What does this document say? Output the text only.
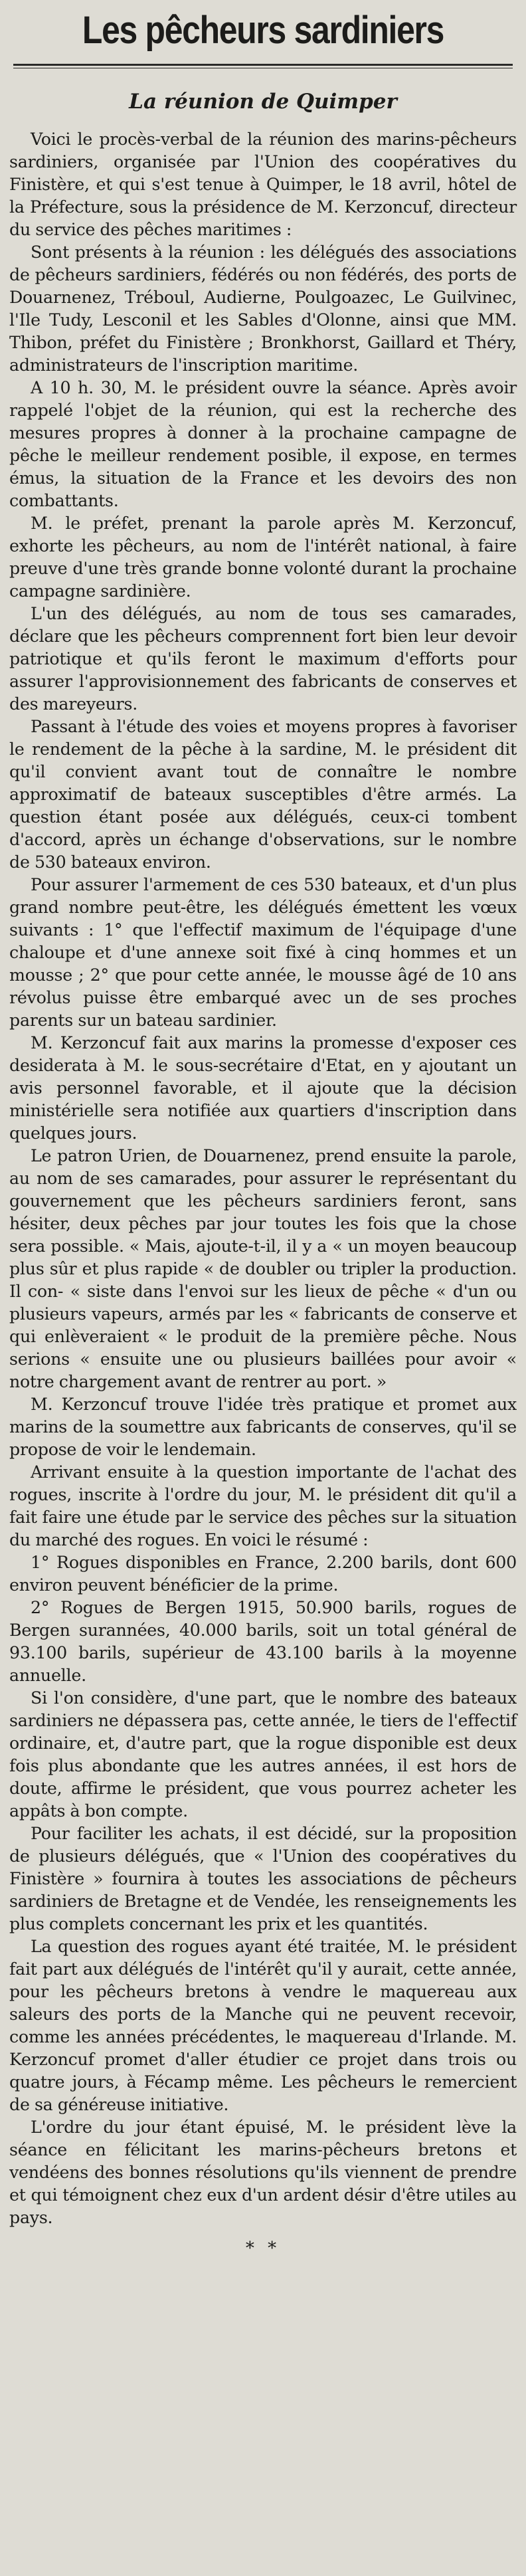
Les pêcheurs sardiniers
La réunion de Quimper

Voici le procès-verbal de la réunion des marins-pêcheurs sardiniers, organisée par l'Union des coopératives du Finistère, et qui s'est tenue à Quimper, le 18 avril, hôtel de la Préfecture, sous la présidence de M. Kerzoncuf, directeur du service des pêches maritimes :

Sont présents à la réunion : les délégués des associations de pêcheurs sardiniers, fédérés ou non fédérés, des ports de Douarnenez, Tréboul, Audierne, Poulgoazec, Le Guilvinec, l'Ile Tudy, Lesconil et les Sables d'Olonne, ainsi que MM. Thibon, préfet du Finistère ; Bronkhorst, Gaillard et Théry, administrateurs de l'inscription maritime.

A 10 h. 30, M. le président ouvre la séance. Après avoir rappelé l'objet de la réunion, qui est la recherche des mesures propres à donner à la prochaine campagne de pêche le meilleur rendement posible, il expose, en termes émus, la situation de la France et les devoirs des non combattants.

M. le préfet, prenant la parole après M. Kerzoncuf, exhorte les pêcheurs, au nom de l'intérêt national, à faire preuve d'une très grande bonne volonté durant la prochaine campagne sardinière.

L'un des délégués, au nom de tous ses camarades, déclare que les pêcheurs comprennent fort bien leur devoir patriotique et qu'ils feront le maximum d'efforts pour assurer l'approvisionnement des fabricants de conserves et des mareyeurs.

Passant à l'étude des voies et moyens propres à favoriser le rendement de la pêche à la sardine, M. le président dit qu'il convient avant tout de connaître le nombre approximatif de bateaux susceptibles d'être armés. La question étant posée aux délégués, ceux-ci tombent d'accord, après un échange d'observations, sur le nombre de 530 bateaux environ.

Pour assurer l'armement de ces 530 bateaux, et d'un plus grand nombre peut-être, les délégués émettent les vœux suivants : 1° que l'effectif maximum de l'équipage d'une chaloupe et d'une annexe soit fixé à cinq hommes et un mousse ; 2° que pour cette année, le mousse âgé de 10 ans révolus puisse être embarqué avec un de ses proches parents sur un bateau sardinier.

M. Kerzoncuf fait aux marins la promesse d'exposer ces desiderata à M. le sous-secrétaire d'Etat, en y ajoutant un avis personnel favorable, et il ajoute que la décision ministérielle sera notifiée aux quartiers d'inscription dans quelques jours.

Le patron Urien, de Douarnenez, prend ensuite la parole, au nom de ses camarades, pour assurer le représentant du gouvernement que les pêcheurs sardiniers feront, sans hésiter, deux pêches par jour toutes les fois que la chose sera possible. « Mais, ajoute-t-il, il y a « un moyen beaucoup plus sûr et plus rapide « de doubler ou tripler la production. Il con- « siste dans l'envoi sur les lieux de pêche « d'un ou plusieurs vapeurs, armés par les « fabricants de conserve et qui enlèveraient « le produit de la première pêche. Nous serions « ensuite une ou plusieurs baillées pour avoir « notre chargement avant de rentrer au port. »

M. Kerzoncuf trouve l'idée très pratique et promet aux marins de la soumettre aux fabricants de conserves, qu'il se propose de voir le lendemain.

Arrivant ensuite à la question importante de l'achat des rogues, inscrite à l'ordre du jour, M. le président dit qu'il a fait faire une étude par le service des pêches sur la situation du marché des rogues. En voici le résumé :

1° Rogues disponibles en France, 2.200 barils, dont 600 environ peuvent bénéficier de la prime.

2° Rogues de Bergen 1915, 50.900 barils, rogues de Bergen surannées, 40.000 barils, soit un total général de 93.100 barils, supérieur de 43.100 barils à la moyenne annuelle.

Si l'on considère, d'une part, que le nombre des bateaux sardiniers ne dépassera pas, cette année, le tiers de l'effectif ordinaire, et, d'autre part, que la rogue disponible est deux fois plus abondante que les autres années, il est hors de doute, affirme le président, que vous pourrez acheter les appâts à bon compte.

Pour faciliter les achats, il est décidé, sur la proposition de plusieurs délégués, que « l'Union des coopératives du Finistère » fournira à toutes les associations de pêcheurs sardiniers de Bretagne et de Vendée, les renseignements les plus complets concernant les prix et les quantités.

La question des rogues ayant été traitée, M. le président fait part aux délégués de l'intérêt qu'il y aurait, cette année, pour les pêcheurs bretons à vendre le maquereau aux saleurs des ports de la Manche qui ne peuvent recevoir, comme les années précédentes, le maquereau d'Irlande. M. Kerzoncuf promet d'aller étudier ce projet dans trois ou quatre jours, à Fécamp même. Les pêcheurs le remercient de sa généreuse initiative.

L'ordre du jour étant épuisé, M. le président lève la séance en félicitant les marins-pêcheurs bretons et vendéens des bonnes résolutions qu'ils viennent de prendre et qui témoignent chez eux d'un ardent désir d'être utiles au pays.

* *
